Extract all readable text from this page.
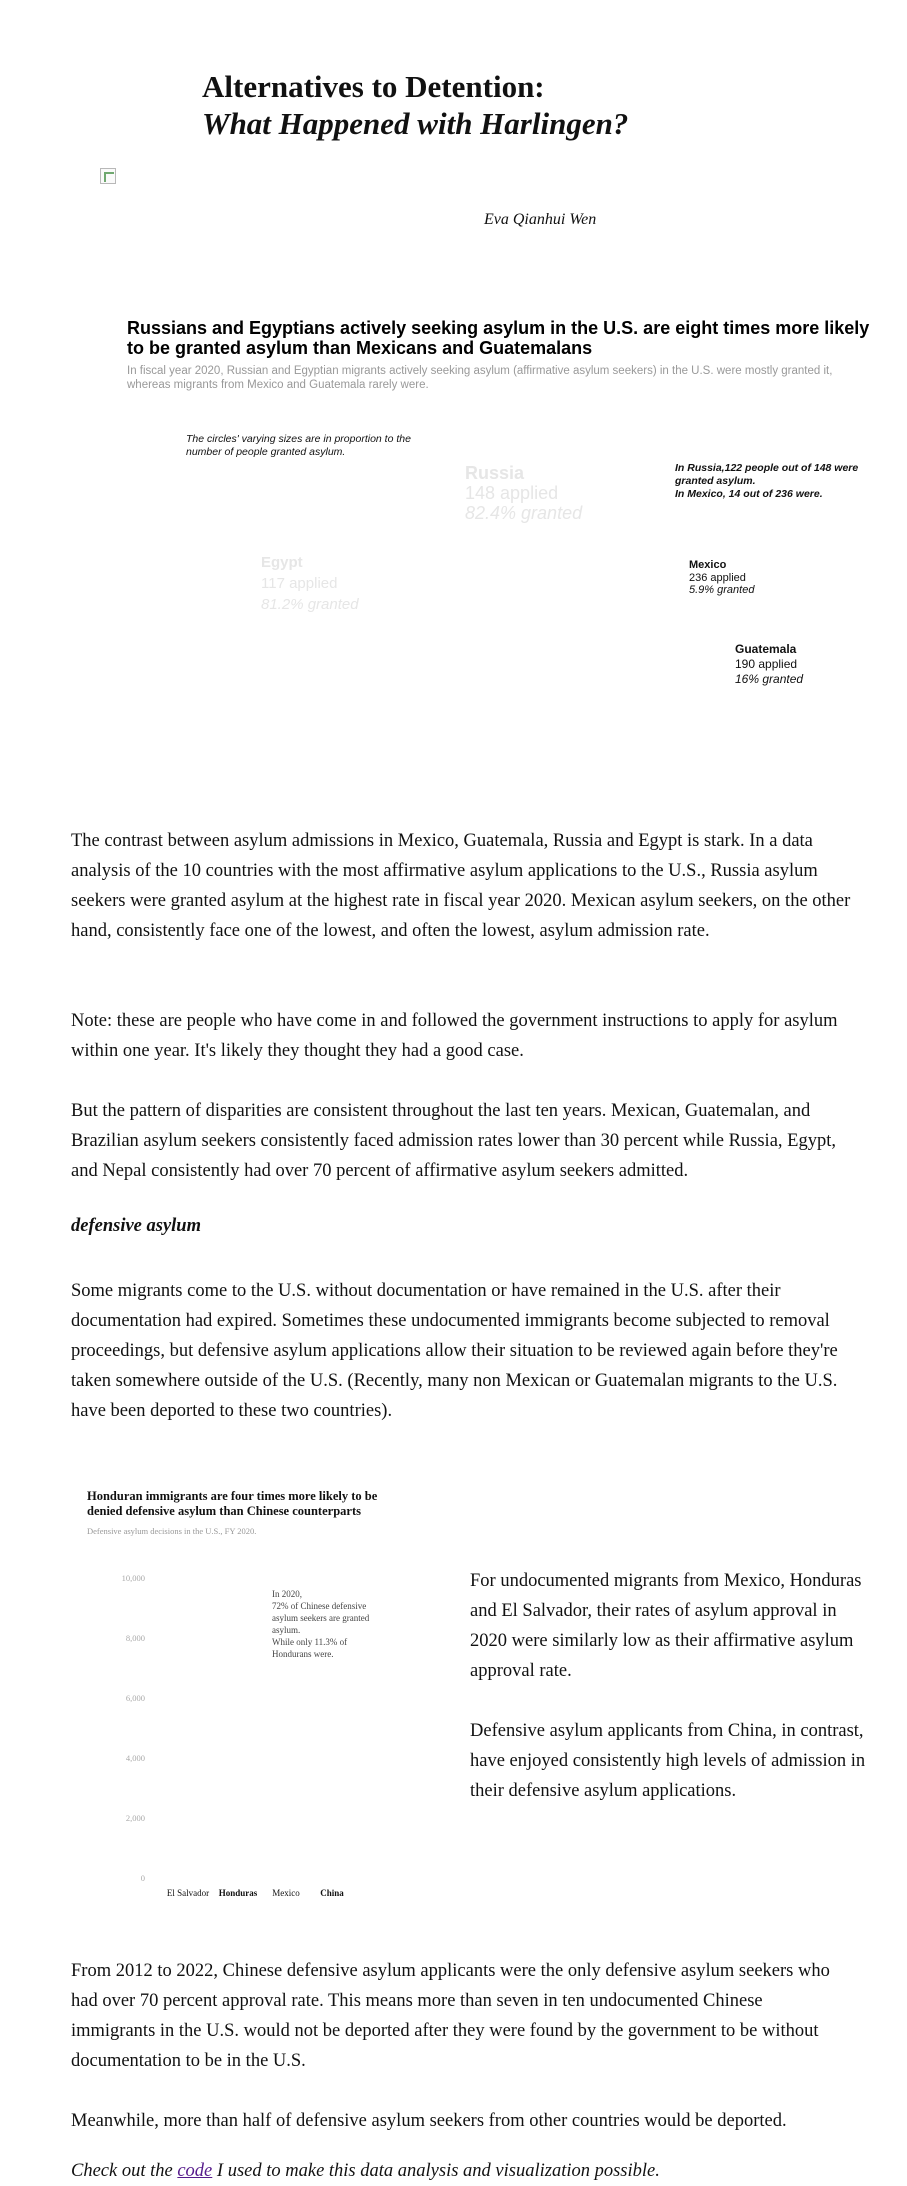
Alternatives to Detention:
What Happened with Harlingen?
Eva Qianhui Wen
Russians and Egyptians actively seeking asylum in the U.S. are eight times more likely to be granted asylum than Mexicans and Guatemalans
In fiscal year 2020, Russian and Egyptian migrants actively seeking asylum (affirmative asylum seekers) in the U.S. were mostly granted it, whereas migrants from Mexico and Guatemala rarely were.
The circles' varying sizes are in proportion to the number of people granted asylum.
In Russia,122 people out of 148 were granted asylum.
In Mexico, 14 out of 236 were.
Russia
148 applied
82.4% granted
Egypt
117 applied
81.2% granted
Mexico
236 applied
5.9% granted
Guatemala
190 applied
16% granted

The contrast between asylum admissions in Mexico, Guatemala, Russia and Egypt is stark. In a data analysis of the 10 countries with the most affirmative asylum applications to the U.S., Russia asylum seekers were granted asylum at the highest rate in fiscal year 2020. Mexican asylum seekers, on the other hand, consistently face one of the lowest, and often the lowest, asylum admission rate.

Note: these are people who have come in and followed the government instructions to apply for asylum within one year. It's likely they thought they had a good case.

But the pattern of disparities are consistent throughout the last ten years. Mexican, Guatemalan, and Brazilian asylum seekers consistently faced admission rates lower than 30 percent while Russia, Egypt, and Nepal consistently had over 70 percent of affirmative asylum seekers admitted.

defensive asylum

Some migrants come to the U.S. without documentation or have remained in the U.S. after their documentation had expired. Sometimes these undocumented immigrants become subjected to removal proceedings, but defensive asylum applications allow their situation to be reviewed again before they're taken somewhere outside of the U.S. (Recently, many non Mexican or Guatemalan migrants to the U.S. have been deported to these two countries).

Honduran immigrants are four times more likely to be denied defensive asylum than Chinese counterparts
Defensive asylum decisions in the U.S., FY 2020.
0
2,000
4,000
6,000
8,000
10,000
El Salvador Honduras Mexico China
In 2020,
72% of Chinese defensive
asylum seekers are granted
asylum.
While only 11.3% of
Hondurans were.

For undocumented migrants from Mexico, Honduras and El Salvador, their rates of asylum approval in 2020 were similarly low as their affirmative asylum approval rate.

Defensive asylum applicants from China, in contrast, have enjoyed consistently high levels of admission in their defensive asylum applications.

From 2012 to 2022, Chinese defensive asylum applicants were the only defensive asylum seekers who had over 70 percent approval rate. This means more than seven in ten undocumented Chinese immigrants in the U.S. would not be deported after they were found by the government to be without documentation to be in the U.S.

Meanwhile, more than half of defensive asylum seekers from other countries would be deported.

Check out the code I used to make this data analysis and visualization possible.
